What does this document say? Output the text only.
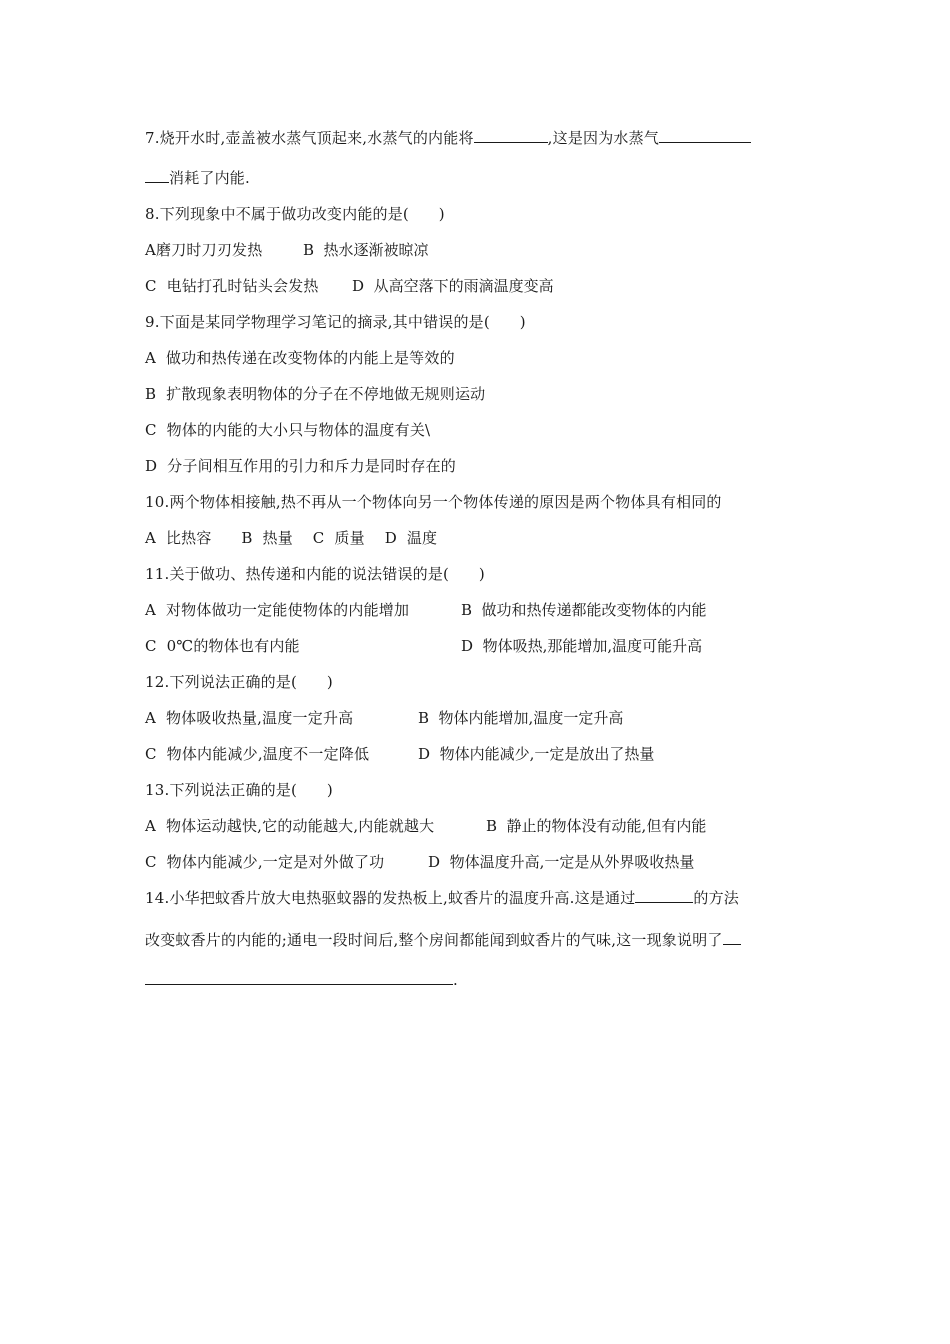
7.烧开水时,壶盖被水蒸气顶起来,水蒸气的内能将	,这是因为水蒸气
消耗了内能.
8.下列现象中不属于做功改变内能的是(      )
A磨刀时刀刃发热	B  热水逐渐被晾凉
C  电钻打孔时钻头会发热 D  从高空落下的雨滴温度变高
9.下面是某同学物理学习笔记的摘录,其中错误的是(      )
A  做功和热传递在改变物体的内能上是等效的
B  扩散现象表明物体的分子在不停地做无规则运动
C  物体的内能的大小只与物体的温度有关\
D  分子间相互作用的引力和斥力是同时存在的
10.两个物体相接触,热不再从一个物体向另一个物体传递的原因是两个物体具有相同的
A  比热容      B  热量    C  质量    D  温度
11.关于做功、热传递和内能的说法错误的是(      )
A  对物体做功一定能使物体的内能增加	B  做功和热传递都能改变物体的内能
C  0℃的物体也有内能	D  物体吸热,那能增加,温度可能升高
12.下列说法正确的是(      )
A  物体吸收热量,温度一定升高	B  物体内能增加,温度一定升高
C  物体内能减少,温度不一定降低	D  物体内能减少,一定是放出了热量
13.下列说法正确的是(      )
A  物体运动越快,它的动能越大,内能就越大	B  静止的物体没有动能,但有内能
C  物体内能减少,一定是对外做了功	D  物体温度升高,一定是从外界吸收热量
14.小华把蚊香片放大电热驱蚊器的发热板上,蚊香片的温度升高.这是通过	的方法
改变蚊香片的内能的;通电一段时间后,整个房间都能闻到蚊香片的气味,这一现象说明了
.
